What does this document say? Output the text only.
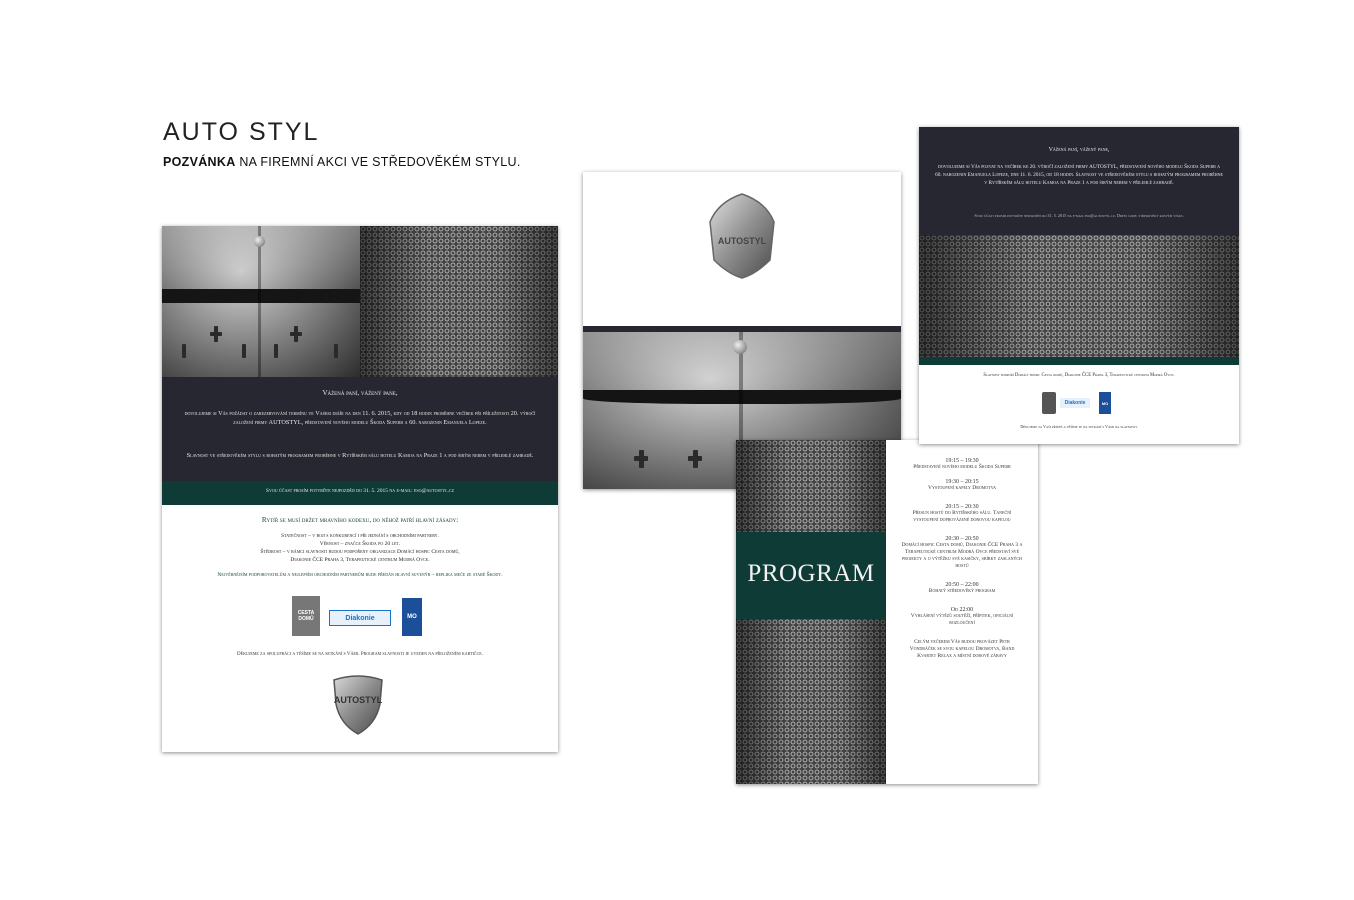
AUTO STYL
POZVÁNKA NA FIREMNÍ AKCI VE STŘEDOVĚKÉM STYLU.
Vážená paní, vážený pane,
dovolujeme si Vás požádat o zarezervování termínu ve Vašem diáři na den 11. 6. 2015, kdy od 18 hodin proběhne večírek při příležitosti 20. výročí založení firmy AUTOSTYL, představení nového modelu Škoda Superb a 60. narozenin Emanuela Lopeze.
Slavnost ve středověkém stylu s bohatým programem proběhne v Rytířském sálu hotelu Kamoa na Praze 1 a pod širým nebem v přilehlé zahradě.
Svou účast prosím potvrďte nejpozději do 31. 5. 2015 na e-mail: eso@autostyl.cz
Rytíř se musí držet mravního kodexu, do něhož patří hlavní zásady:
Statečnost – v boji s konkurencí i při jednání s obchodními partnery.
Věrnost – značce Škoda po 20 let.
Štědrost – v rámci slavnosti budou podpořeny organizace Domácí hospic Cesta domů,
Diakonie ČCE Praha 3, Terapeutické centrum Modrá Ovce.
Nejvěrnějším podporovatelům a nejlepším obchodním partnerům bude předán hlavní suvenýr – replika meče ze staré Škody.
CESTA DOMŮ	Diakonie	MO
Děkujeme za spolupráci a těšíme se na setkání s Vámi. Program slavnosti je uveden na přiloženém kartičce.
AUTOSTYL
AUTOSTYL
PROGRAM
19:15 – 19:30
Představení nového modelu Škoda Superb
19:30 – 20:15
Vystoupení kapely Dromotva
20:15 – 20:30
Přesun hostů do Rytířského sálu. Taneční vystoupení doprovázené dobovou kapelou
20:30 – 20:50
Domácí hospic Cesta domů, Diakonie ČCE Praha 3 a Terapeutické centrum Modrá Ovce představí své projekty a o výtěžku své kasičky, sbírky zaslaných hostů
20:50 – 22:00
Bohatý středověký program
Od 22:00
Vyhlášení výtězů soutěží, přípitek, oficiální rozloučení
Celým večerem Vás budou provázet Petr Vondráček se svou kapelou Dromotva, Band Kvartet Relax a místní dobové zábavy
Vážená paní, vážený pane,
dovolujeme si Vás pozvat na večírek ke 20. výročí založení firmy AUTOSTYL, představení nového modelu Škoda Superb a 60. narozenin Emanuela Lopeze, dne 11. 6. 2015, od 18 hodin. Slavnost ve středověkém stylu s bohatým programem proběhne v Rytířském sálu hotelu Kamoa na Praze 1 a pod širým nebem v přilehlé zahradě.
Svou účast prosím potvrďte nejpozději do 31. 5. 2015 na e-mail eso@autostyl.cz. Dress code: středověký kostým vítán.
Slavnost podpoří Domácí hospic Cesta domů, Diakonie ČCE Praha 3, Terapeutické centrum Modrá Ovce.
Diakonie	MO
Děkujeme za Vaši přízeň a těšíme se na setkání s Vámi na slavnosti.
